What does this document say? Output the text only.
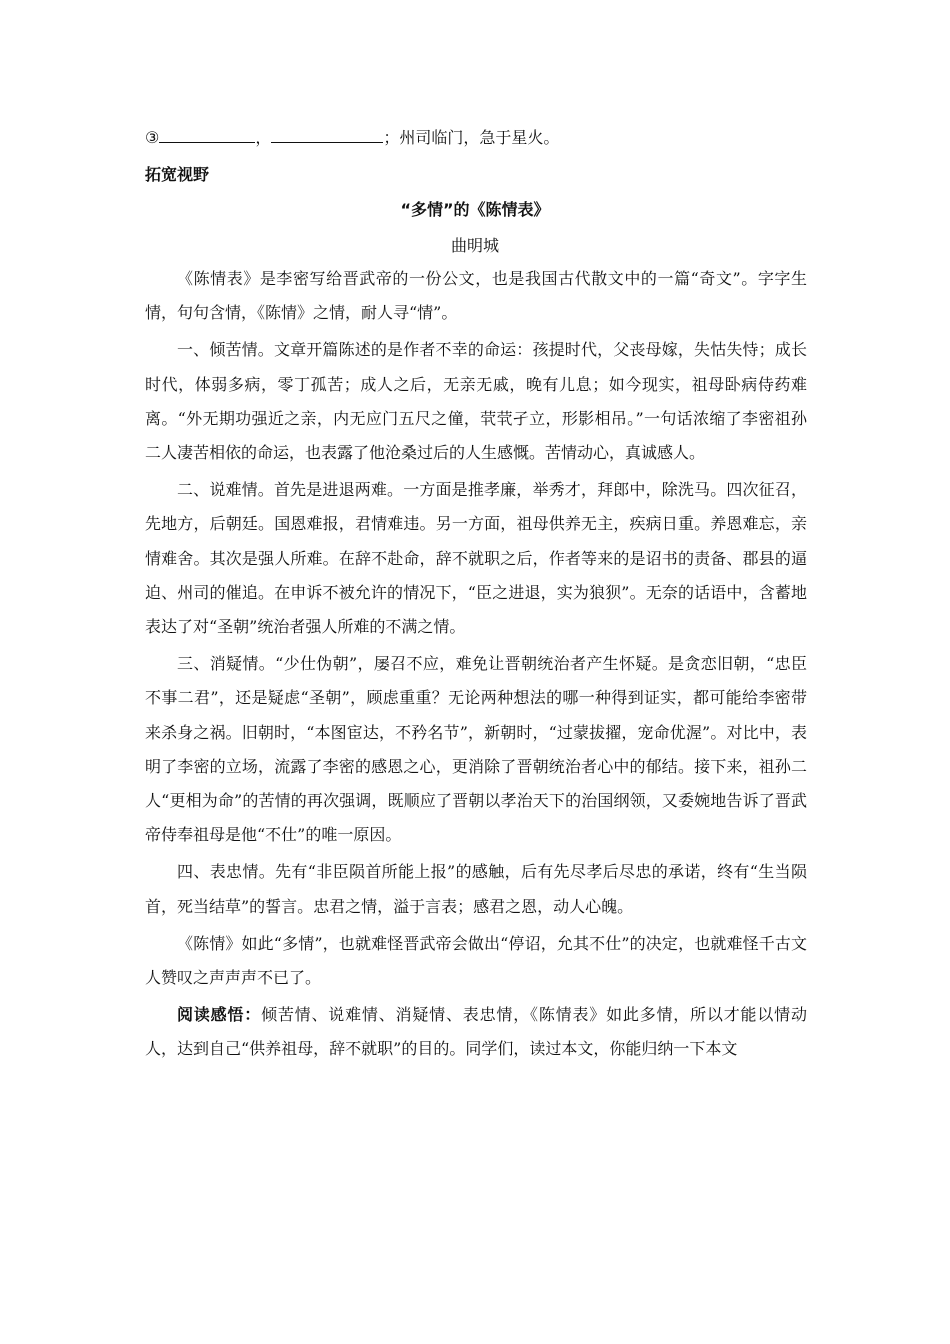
③	，	；州司临门，急于星火。
拓宽视野
“多情”的《陈情表》
曲明城

《陈情表》是李密写给晋武帝的一份公文，也是我国古代散文中的一篇“奇文”。字字生情，句句含情，《陈情》之情，耐人寻“情”。

一、倾苦情。文章开篇陈述的是作者不幸的命运：孩提时代，父丧母嫁，失怙失恃；成长时代，体弱多病，零丁孤苦；成人之后，无亲无戚，晚有儿息；如今现实，祖母卧病侍药难离。“外无期功强近之亲，内无应门五尺之僮，茕茕孑立，形影相吊。”一句话浓缩了李密祖孙二人凄苦相依的命运，也表露了他沧桑过后的人生感慨。苦情动心，真诚感人。

二、说难情。首先是进退两难。一方面是推孝廉，举秀才，拜郎中，除洗马。四次征召，先地方，后朝廷。国恩难报，君情难违。另一方面，祖母供养无主，疾病日重。养恩难忘，亲情难舍。其次是强人所难。在辞不赴命，辞不就职之后，作者等来的是诏书的责备、郡县的逼迫、州司的催追。在申诉不被允许的情况下，“臣之进退，实为狼狈”。无奈的话语中，含蓄地表达了对“圣朝”统治者强人所难的不满之情。

三、消疑情。“少仕伪朝”，屡召不应，难免让晋朝统治者产生怀疑。是贪恋旧朝，“忠臣不事二君”，还是疑虑“圣朝”，顾虑重重？无论两种想法的哪一种得到证实，都可能给李密带来杀身之祸。旧朝时，“本图宦达，不矜名节”，新朝时，“过蒙拔擢，宠命优渥”。对比中，表明了李密的立场，流露了李密的感恩之心，更消除了晋朝统治者心中的郁结。接下来，祖孙二人“更相为命”的苦情的再次强调，既顺应了晋朝以孝治天下的治国纲领，又委婉地告诉了晋武帝侍奉祖母是他“不仕”的唯一原因。

四、表忠情。先有“非臣陨首所能上报”的感触，后有先尽孝后尽忠的承诺，终有“生当陨首，死当结草”的誓言。忠君之情，溢于言表；感君之恩，动人心魄。

《陈情》如此“多情”，也就难怪晋武帝会做出“停诏，允其不仕”的决定，也就难怪千古文人赞叹之声声声不已了。

阅读感悟：倾苦情、说难情、消疑情、表忠情，《陈情表》如此多情，所以才能以情动人，达到自己“供养祖母，辞不就职”的目的。同学们，读过本文，你能归纳一下本文
